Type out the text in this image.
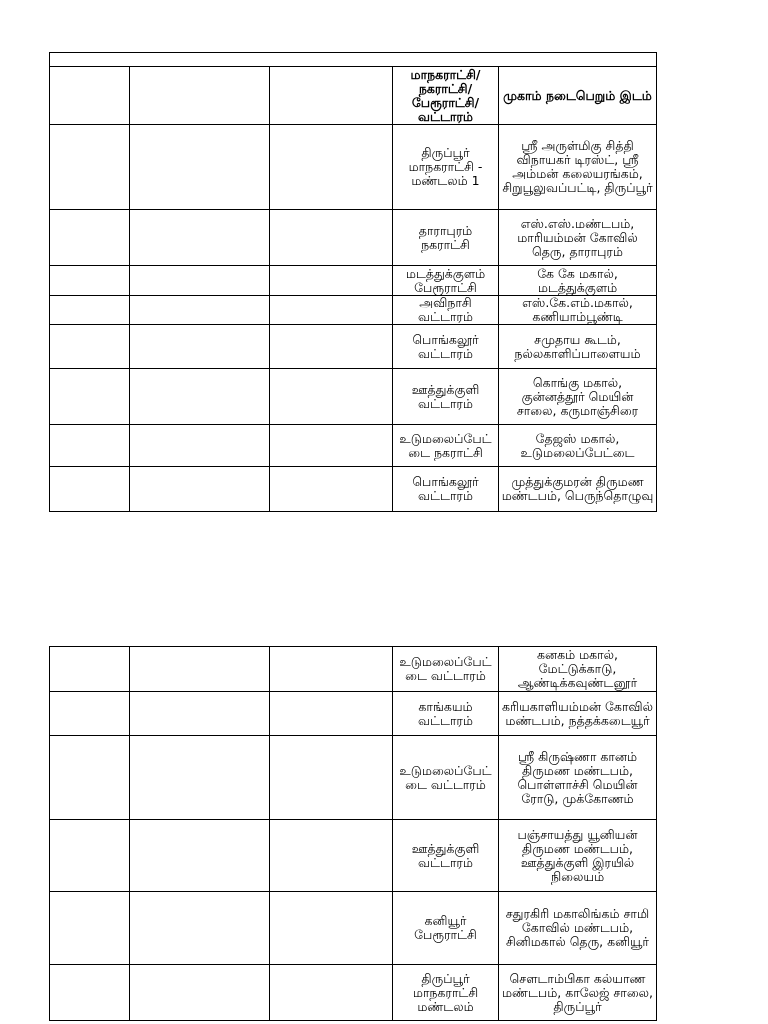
			மாநகராட்சி/நகராட்சி/பேரூராட்சி/வட்டாரம்	முகாம் நடைபெறும் இடம்
			திருப்பூர் மாநகராட்சி - மண்டலம் 1	ஸ்ரீ அருள்மிகு சித்தி விநாயகர் டிரஸ்ட், ஸ்ரீ அம்மன் கலையரங்கம், சிறுபூலுவப்பட்டி, திருப்பூர்
			தாராபுரம் நகராட்சி	எஸ்.எஸ்.மண்டபம், மாரியம்மன் கோவில் தெரு, தாராபுரம்
			மடத்துக்குளம் பேரூராட்சி	கே கே மகால், மடத்துக்குளம்
			அவிநாசி வட்டாரம்	எஸ்.கே.எம்.மகால், கணியாம்பூண்டி
			பொங்கலூர் வட்டாரம்	சமுதாய கூடம், நல்லகாளிப்பாளையம்
			ஊத்துக்குளி வட்டாரம்	கொங்கு மகால், குன்னத்தூர் மெயின் சாலை, கருமாஞ்சிரை
			உடுமலைப்பேட்டை நகராட்சி	தேஜஸ் மகால், உடுமலைப்பேட்டை
			பொங்கலூர் வட்டாரம்	முத்துக்குமரன் திருமண மண்டபம், பெருந்தொழுவு
			உடுமலைப்பேட்டை வட்டாரம்	கனகம் மகால், மேட்டுக்காடு, ஆண்டிக்கவுண்டனூர்
			காங்கயம் வட்டாரம்	கரியகாளியம்மன் கோவில் மண்டபம், நத்தக்கடையூர்
			உடுமலைப்பேட்டை வட்டாரம்	ஸ்ரீ கிருஷ்ணா கானம் திருமண மண்டபம், பொள்ளாச்சி மெயின் ரோடு, முக்கோணம்
			ஊத்துக்குளி வட்டாரம்	பஞ்சாயத்து யூனியன் திருமண மண்டபம், ஊத்துக்குளி இரயில் நிலையம்
			கனியூர் பேரூராட்சி	சதுரகிரி மகாலிங்கம் சாமி கோவில் மண்டபம், சினிமகால் தெரு, கனியூர்
			திருப்பூர் மாநகராட்சி மண்டலம்	செளடாம்பிகா கல்யாண மண்டபம், காலேஜ் சாலை, திருப்பூர்
